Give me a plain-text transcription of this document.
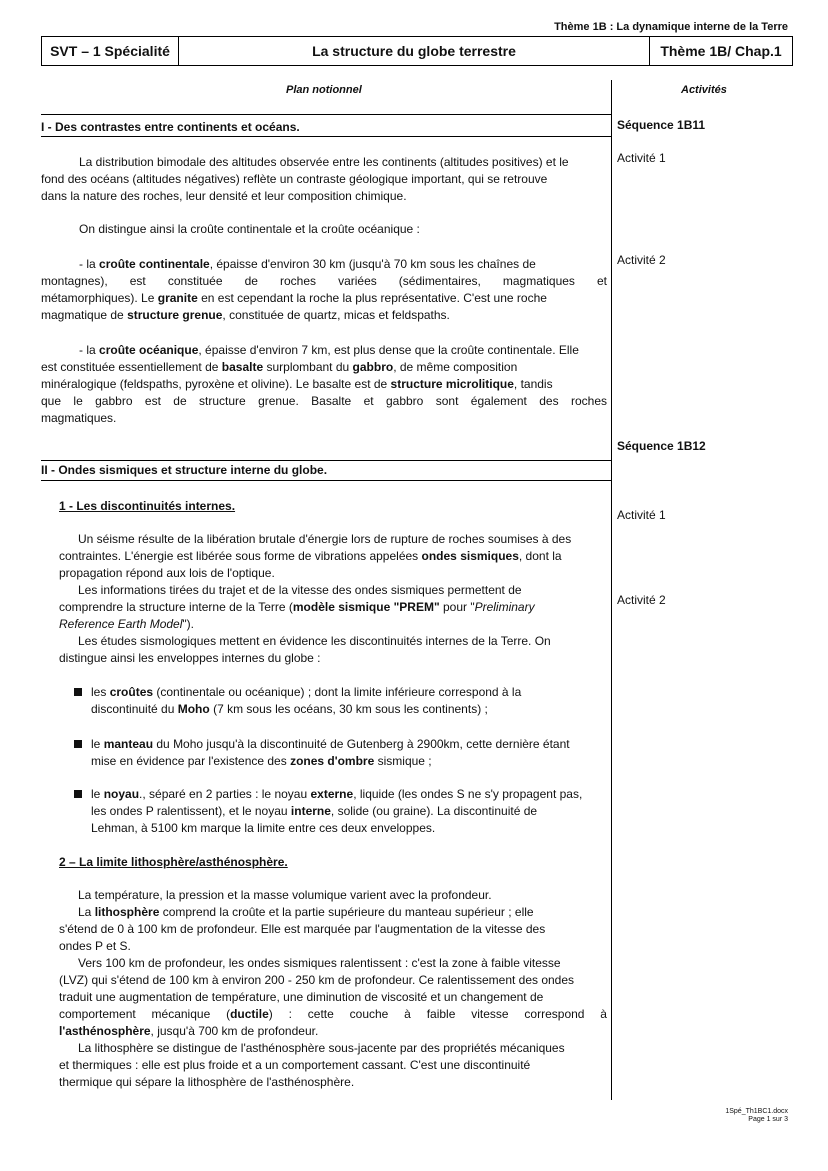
Thème 1B : La dynamique interne de la Terre
SVT – 1 Spécialité	La structure du globe terrestre	Thème 1B/ Chap.1
Plan notionnel	Activités
I - Des contrastes entre continents et océans.	Séquence 1B11
Activité 1
La distribution bimodale des altitudes observée entre les continents (altitudes positives) et le
fond des océans (altitudes négatives) reflète un contraste géologique important, qui se retrouve
dans la nature des roches, leur densité et leur composition chimique.
On distingue ainsi la croûte continentale et la croûte océanique :
Activité 2
- la croûte continentale, épaisse d'environ 30 km (jusqu'à 70 km sous les chaînes de
montagnes), est constituée de roches variées (sédimentaires, magmatiques et
métamorphiques). Le granite en est cependant la roche la plus représentative. C'est une roche
magmatique de structure grenue, constituée de quartz, micas et feldspaths.
- la croûte océanique, épaisse d'environ 7 km, est plus dense que la croûte continentale. Elle
est constituée essentiellement de basalte surplombant du gabbro, de même composition
minéralogique (feldspaths, pyroxène et olivine). Le basalte est de structure microlitique, tandis
que le gabbro est de structure grenue. Basalte et gabbro sont également des roches
magmatiques.
Séquence 1B12
II - Ondes sismiques et structure interne du globe.
1 - Les discontinuités internes.
Activité 1
Un séisme résulte de la libération brutale d'énergie lors de rupture de roches soumises à des
contraintes. L'énergie est libérée sous forme de vibrations appelées ondes sismiques, dont la
propagation répond aux lois de l'optique.
Les informations tirées du trajet et de la vitesse des ondes sismiques permettent de
comprendre la structure interne de la Terre (modèle sismique "PREM" pour "Preliminary
Reference Earth Model").
Les études sismologiques mettent en évidence les discontinuités internes de la Terre. On
distingue ainsi les enveloppes internes du globe :
Activité 2
les croûtes (continentale ou océanique) ; dont la limite inférieure correspond à la
discontinuité du Moho (7 km sous les océans, 30 km sous les continents) ;
le manteau du Moho jusqu'à la discontinuité de Gutenberg à 2900km, cette dernière étant
mise en évidence par l'existence des zones d'ombre sismique ;
le noyau., séparé en 2 parties : le noyau externe, liquide (les ondes S ne s'y propagent pas,
les ondes P ralentissent), et le noyau interne, solide (ou graine). La discontinuité de
Lehman, à 5100 km marque la limite entre ces deux enveloppes.
2 – La limite lithosphère/asthénosphère.
La température, la pression et la masse volumique varient avec la profondeur.
La lithosphère comprend la croûte et la partie supérieure du manteau supérieur ; elle
s'étend de 0 à 100 km de profondeur. Elle est marquée par l'augmentation de la vitesse des
ondes P et S.
Vers 100 km de profondeur, les ondes sismiques ralentissent : c'est la zone à faible vitesse
(LVZ) qui s'étend de 100 km à environ 200 - 250 km de profondeur. Ce ralentissement des ondes
traduit une augmentation de température, une diminution de viscosité et un changement de
comportement mécanique (ductile) : cette couche à faible vitesse correspond à
l'asthénosphère, jusqu'à 700 km de profondeur.
La lithosphère se distingue de l'asthénosphère sous-jacente par des propriétés mécaniques
et thermiques : elle est plus froide et a un comportement cassant. C'est une discontinuité
thermique qui sépare la lithosphère de l'asthénosphère.
1Spé_Th1BC1.docx
Page 1 sur 3
